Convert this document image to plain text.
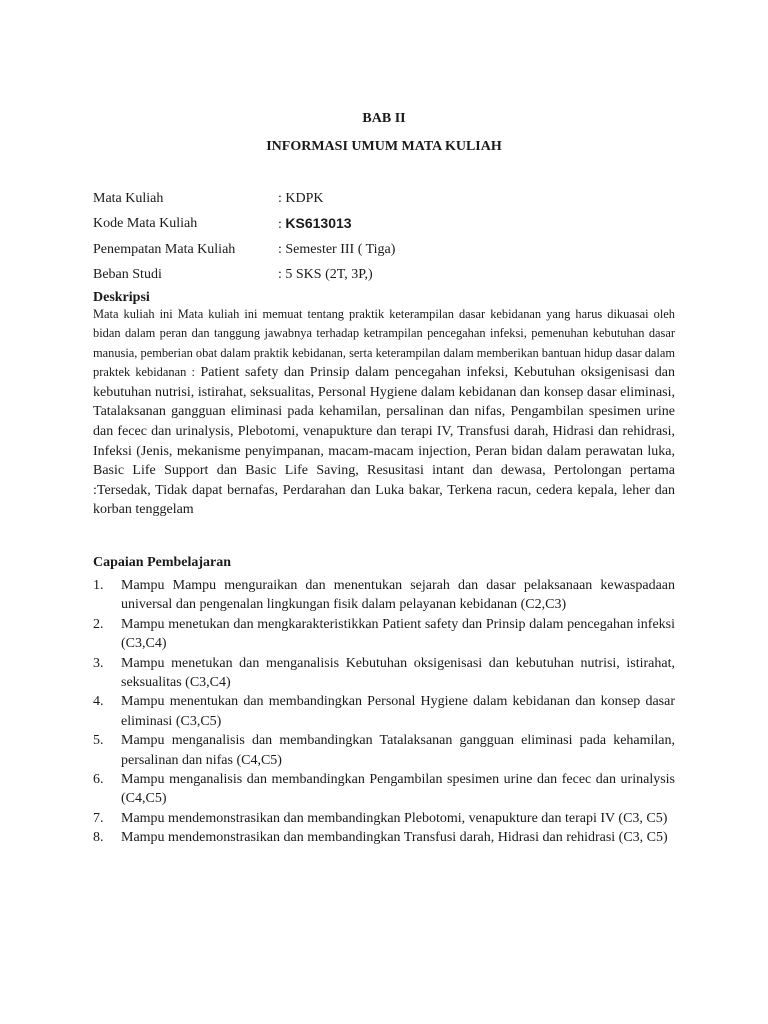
BAB II
INFORMASI UMUM MATA KULIAH
Mata Kuliah	: KDPK
Kode Mata Kuliah	: KS613013
Penempatan Mata Kuliah	: Semester III ( Tiga)
Beban Studi	: 5 SKS (2T, 3P,)
Deskripsi

Mata kuliah ini Mata kuliah ini memuat tentang praktik keterampilan dasar kebidanan yang harus dikuasai oleh bidan dalam peran dan tanggung jawabnya terhadap ketrampilan pencegahan infeksi, pemenuhan kebutuhan dasar manusia, pemberian obat dalam praktik kebidanan, serta keterampilan dalam memberikan bantuan hidup dasar dalam praktek kebidanan : Patient safety dan Prinsip dalam pencegahan infeksi, Kebutuhan oksigenisasi dan kebutuhan nutrisi, istirahat, seksualitas, Personal Hygiene dalam kebidanan dan konsep dasar eliminasi, Tatalaksanan gangguan eliminasi pada kehamilan, persalinan dan nifas, Pengambilan spesimen urine dan fecec dan urinalysis, Plebotomi, venapukture dan terapi IV, Transfusi darah, Hidrasi dan rehidrasi, Infeksi (Jenis, mekanisme penyimpanan, macam-macam injection, Peran bidan dalam perawatan luka, Basic Life Support dan Basic Life Saving, Resusitasi intant dan dewasa, Pertolongan pertama :Tersedak, Tidak dapat bernafas, Perdarahan dan Luka bakar, Terkena racun, cedera kepala, leher dan korban tenggelam

Capaian Pembelajaran
1.	Mampu Mampu menguraikan dan menentukan sejarah dan dasar pelaksanaan kewaspadaan universal dan pengenalan lingkungan fisik dalam pelayanan kebidanan (C2,C3)
2.	Mampu menetukan dan mengkarakteristikkan Patient safety dan Prinsip dalam pencegahan infeksi (C3,C4)
3.	Mampu menetukan dan menganalisis Kebutuhan oksigenisasi dan kebutuhan nutrisi, istirahat, seksualitas (C3,C4)
4.	Mampu menentukan dan membandingkan Personal Hygiene dalam kebidanan dan konsep dasar eliminasi (C3,C5)
5.	Mampu menganalisis dan membandingkan Tatalaksanan gangguan eliminasi pada kehamilan, persalinan dan nifas (C4,C5)
6.	Mampu menganalisis dan membandingkan Pengambilan spesimen urine dan fecec dan urinalysis (C4,C5)
7.	Mampu mendemonstrasikan dan membandingkan Plebotomi, venapukture dan terapi IV (C3, C5)
8.	Mampu mendemonstrasikan dan membandingkan Transfusi darah, Hidrasi dan rehidrasi (C3, C5)
